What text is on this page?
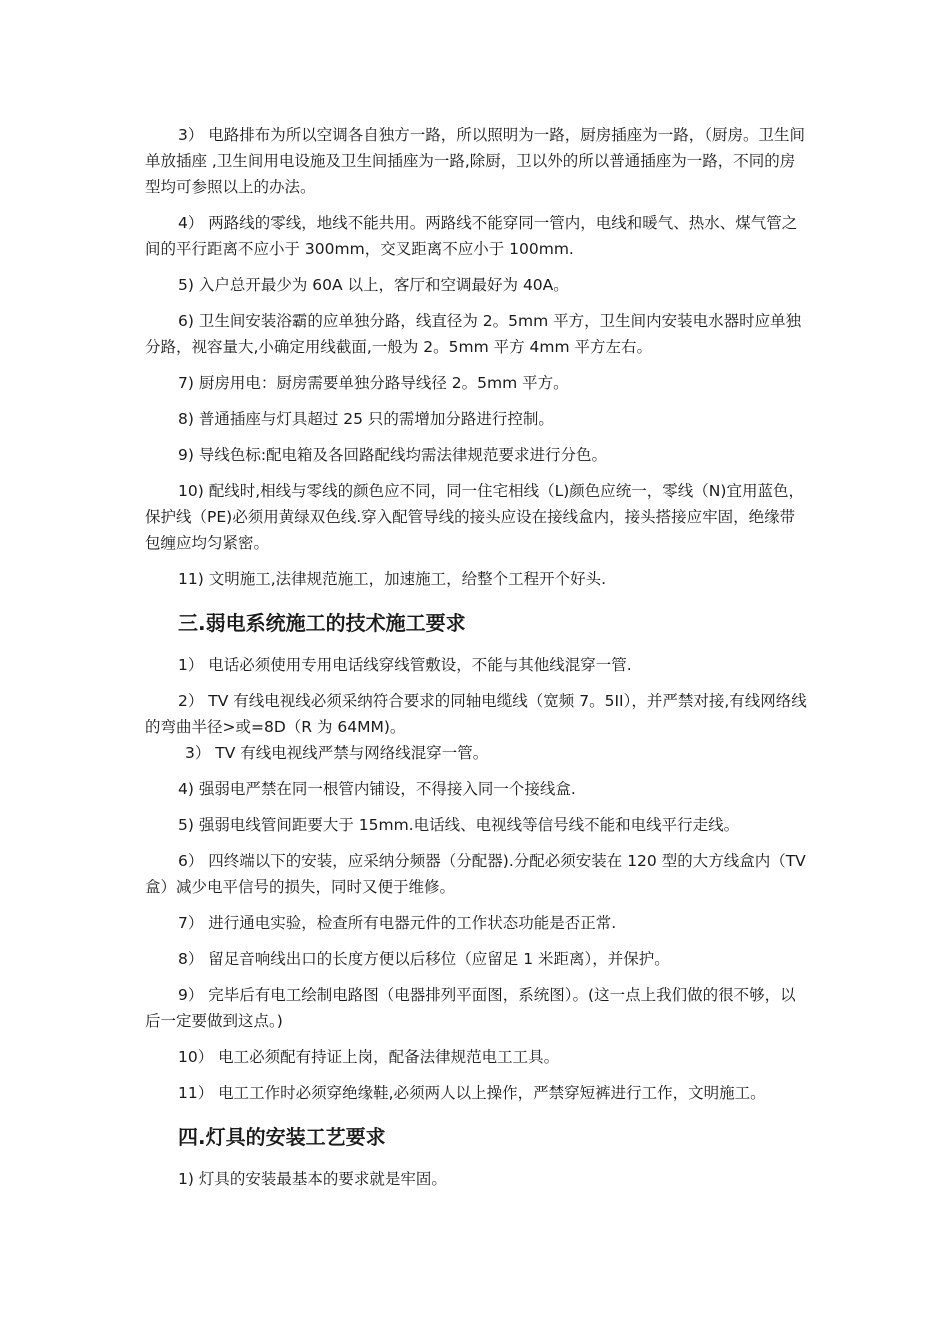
3） 电路排布为所以空调各自独方一路，所以照明为一路，厨房插座为一路，（厨房。卫生间单放插座 ,卫生间用电设施及卫生间插座为一路,除厨，卫以外的所以普通插座为一路，不同的房型均可参照以上的办法。

4） 两路线的零线，地线不能共用。两路线不能穿同一管内，电线和暖气、热水、煤气管之间的平行距离不应小于 300mm，交叉距离不应小于 100mm.

5) 入户总开最少为 60A 以上，客厅和空调最好为 40A。

6) 卫生间安装浴霸的应单独分路，线直径为 2。5mm 平方，卫生间内安装电水器时应单独分路，视容量大,小确定用线截面,一般为 2。5mm 平方 4mm 平方左右。

7) 厨房用电：厨房需要单独分路导线径 2。5mm 平方。

8) 普通插座与灯具超过 25 只的需增加分路进行控制。

9) 导线色标:配电箱及各回路配线均需法律规范要求进行分色。

10) 配线时,相线与零线的颜色应不同，同一住宅相线（L)颜色应统一，零线（N)宜用蓝色，保护线（PE)必须用黄绿双色线.穿入配管导线的接头应设在接线盒内，接头搭接应牢固，绝缘带包缠应均匀紧密。

11) 文明施工,法律规范施工，加速施工，给整个工程开个好头.

三.弱电系统施工的技术施工要求

1） 电话必须使用专用电话线穿线管敷设，不能与其他线混穿一管.

2） TV 有线电视线必须采纳符合要求的同轴电缆线（宽频 7。5II），并严禁对接,有线网络线的弯曲半径>或=8D（R 为 64MM)。

3） TV 有线电视线严禁与网络线混穿一管。

4) 强弱电严禁在同一根管内铺设，不得接入同一个接线盒.

5) 强弱电线管间距要大于 15mm.电话线、电视线等信号线不能和电线平行走线。

6） 四终端以下的安装，应采纳分频器（分配器).分配必须安装在 120 型的大方线盒内（TV 盒）减少电平信号的损失，同时又便于维修。

7） 进行通电实验，检查所有电器元件的工作状态功能是否正常.

8） 留足音响线出口的长度方便以后移位（应留足 1 米距离），并保护。

9） 完毕后有电工绘制电路图（电器排列平面图，系统图）。(这一点上我们做的很不够，以后一定要做到这点。)

10） 电工必须配有持证上岗，配备法律规范电工工具。

11） 电工工作时必须穿绝缘鞋,必须两人以上操作，严禁穿短裤进行工作，文明施工。

四.灯具的安装工艺要求

1) 灯具的安装最基本的要求就是牢固。
